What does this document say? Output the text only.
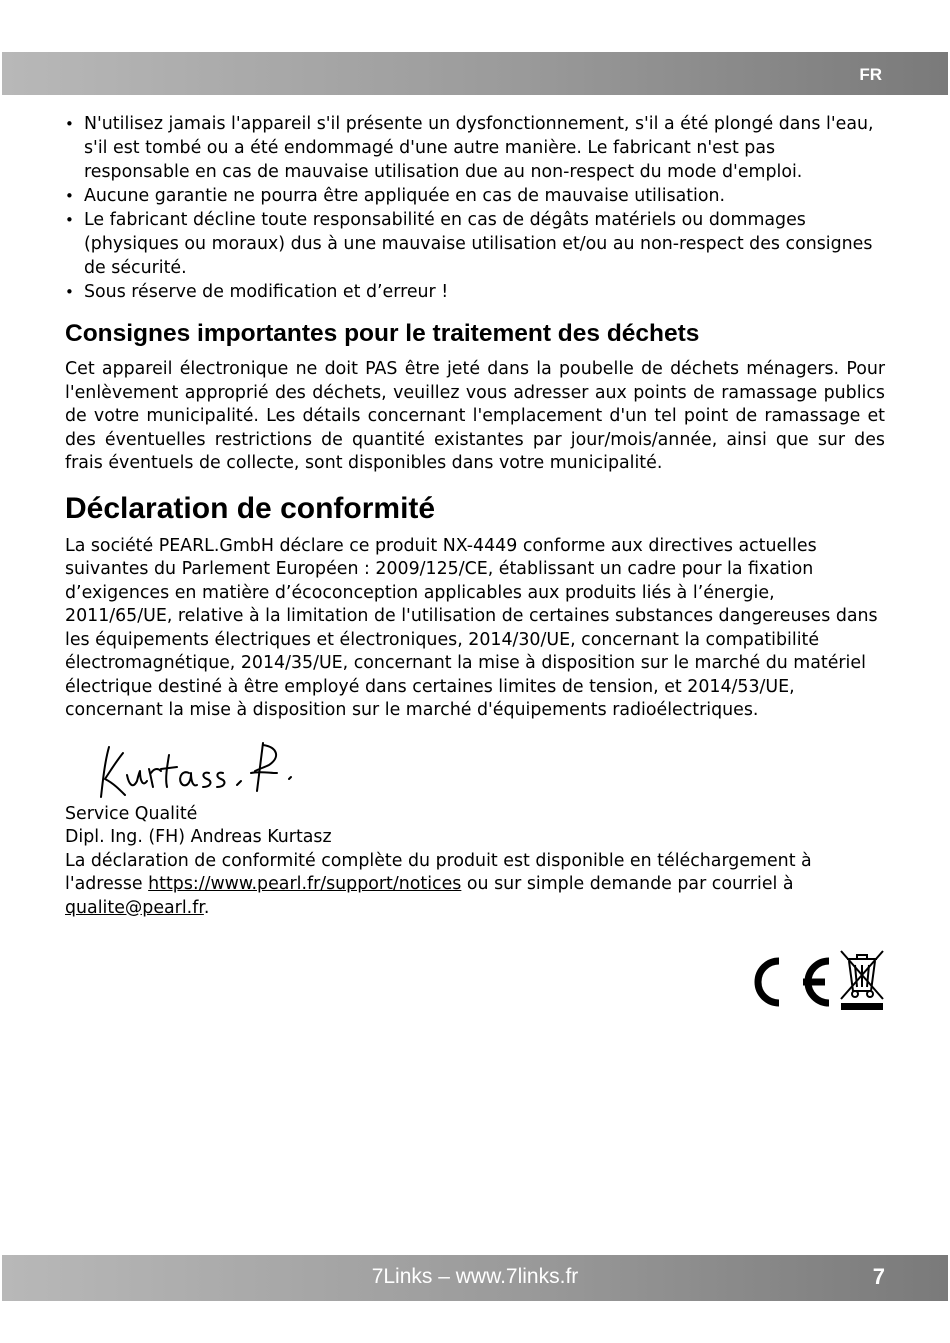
FR
• N'utilisez jamais l'appareil s'il présente un dysfonctionnement, s'il a été plongé dans l'eau, s'il est tombé ou a été endommagé d'une autre manière. Le fabricant n'est pas responsable en cas de mauvaise utilisation due au non-respect du mode d'emploi.
• Aucune garantie ne pourra être appliquée en cas de mauvaise utilisation.
• Le fabricant décline toute responsabilité en cas de dégâts matériels ou dommages (physiques ou moraux) dus à une mauvaise utilisation et/ou au non-respect des consignes de sécurité.
• Sous réserve de modification et d’erreur !
Consignes importantes pour le traitement des déchets

Cet appareil électronique ne doit PAS être jeté dans la poubelle de déchets ménagers. Pour l'enlèvement approprié des déchets, veuillez vous adresser aux points de ramassage publics de votre municipalité. Les détails concernant l'emplacement d'un tel point de ramassage et des éventuelles restrictions de quantité existantes par jour/mois/année, ainsi que sur des frais éventuels de collecte, sont disponibles dans votre municipalité.

Déclaration de conformité

La société PEARL.GmbH déclare ce produit NX-4449 conforme aux directives actuelles suivantes du Parlement Européen : 2009/125/CE, établissant un cadre pour la fixation d’exigences en matière d’écoconception applicables aux produits liés à l’énergie, 2011/65/UE, relative à la limitation de l'utilisation de certaines substances dangereuses dans les équipements électriques et électroniques, 2014/30/UE, concernant la compatibilité électromagnétique, 2014/35/UE, concernant la mise à disposition sur le marché du matériel électrique destiné à être employé dans certaines limites de tension, et 2014/53/UE, concernant la mise à disposition sur le marché d'équipements radioélectriques.

Service Qualité

Dipl. Ing. (FH) Andreas Kurtasz

La déclaration de conformité complète du produit est disponible en téléchargement à l'adresse https://www.pearl.fr/support/notices ou sur simple demande par courriel à qualite@pearl.fr.

7Links – www.7links.fr	7
